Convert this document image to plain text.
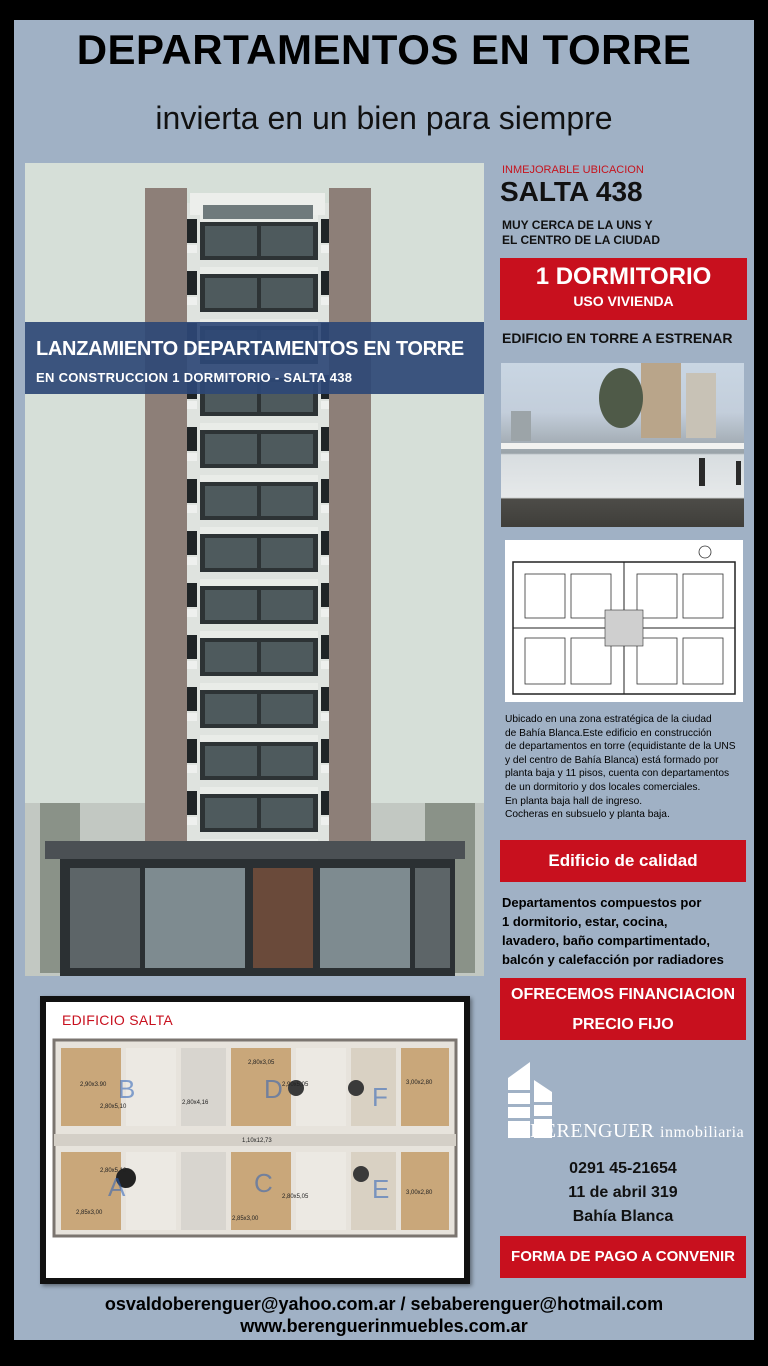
DEPARTAMENTOS EN TORRE
invierta en un bien para siempre
LANZAMIENTO DEPARTAMENTOS EN TORRE
EN CONSTRUCCION 1 DORMITORIO - SALTA 438
INMEJORABLE UBICACION
SALTA 438
MUY CERCA DE LA UNS Y
EL CENTRO DE LA CIUDAD
1 DORMITORIO
USO VIVIENDA
EDIFICIO EN TORRE A ESTRENAR
Ubicado en una zona estratégica de la ciudad
de Bahía Blanca.Este edificio en construcción
de departamentos en torre (equidistante de la UNS
y del centro de Bahía Blanca) está formado por
planta baja y 11 pisos, cuenta con departamentos
de un dormitorio y dos locales comerciales.
En planta baja hall de ingreso.
Cocheras en subsuelo y planta baja.
Edificio de calidad
Departamentos compuestos por
1 dormitorio, estar, cocina,
lavadero, baño compartimentado,
balcón y calefacción por radiadores
OFRECEMOS FINANCIACION
PRECIO FIJO
BERENGUER inmobiliaria
0291 45-21654
11 de abril 319
Bahía Blanca
FORMA DE PAGO A CONVENIR
B	D	F
A	C	E
2,90x3.90
2,80x5,10
2,80x4,16
2,80x3,05
2,90x5,05	3,00x2,80
1,10x12,73
2,80x5,10
2,85x3,00
2,80x5,05
3,00x2,80
2,85x3,00
EDIFICIO SALTA
osvaldoberenguer@yahoo.com.ar / sebaberenguer@hotmail.com
www.berenguerinmuebles.com.ar
